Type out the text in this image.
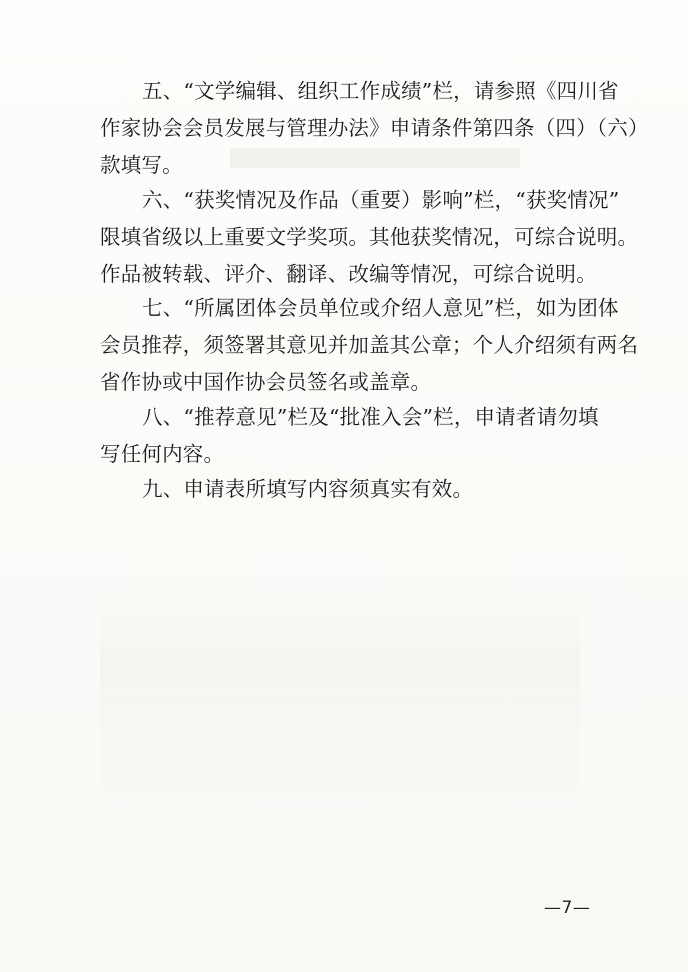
五、“文学编辑、组织工作成绩”栏，请参照《四川省
作家协会会员发展与管理办法》申请条件第四条（四）（六）
款填写。

六、“获奖情况及作品（重要）影响”栏，“获奖情况”
限填省级以上重要文学奖项。其他获奖情况，可综合说明。
作品被转载、评介、翻译、改编等情况，可综合说明。

七、“所属团体会员单位或介绍人意见”栏，如为团体
会员推荐，须签署其意见并加盖其公章；个人介绍须有两名
省作协或中国作协会员签名或盖章。

八、“推荐意见”栏及“批准入会”栏，申请者请勿填
写任何内容。

九、申请表所填写内容须真实有效。

—7—
